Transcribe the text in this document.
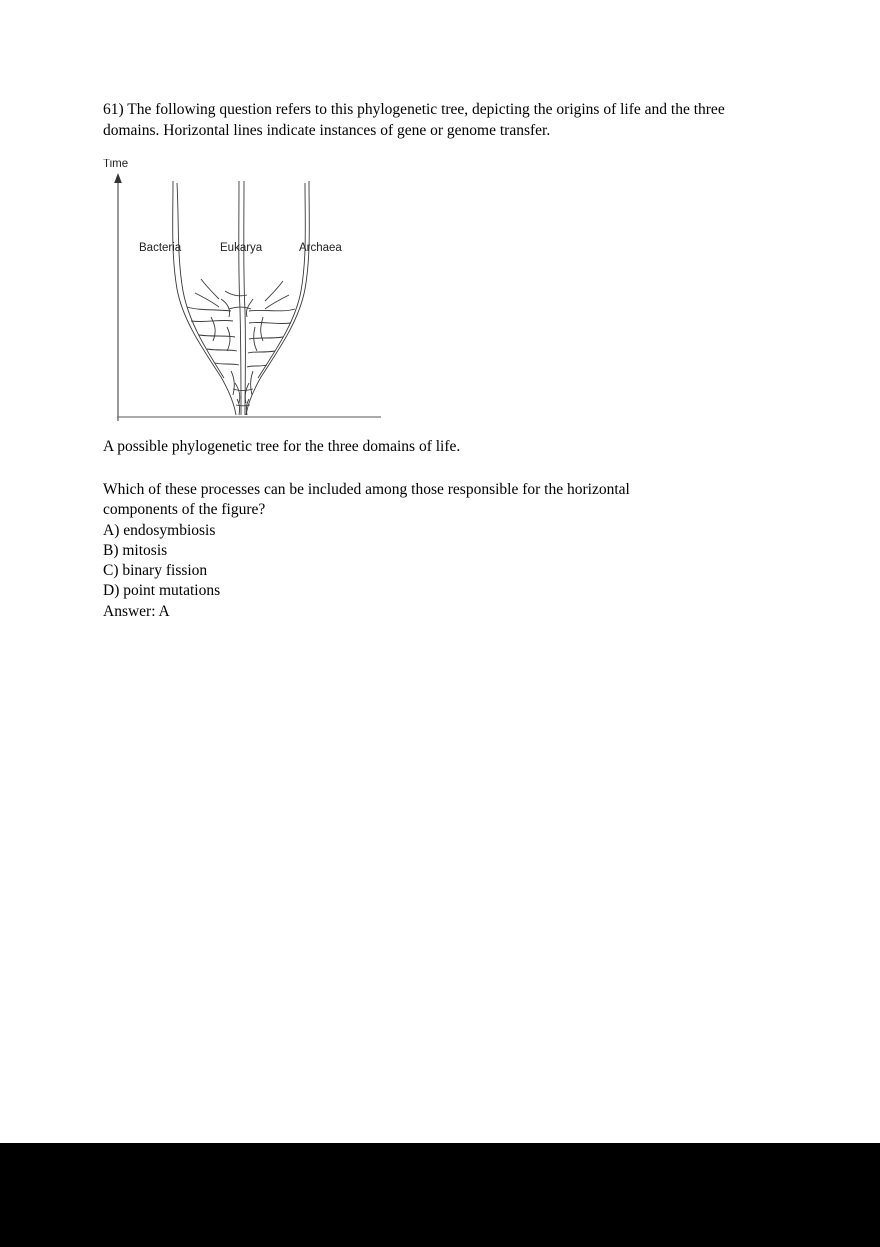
61) The following question refers to this phylogenetic tree, depicting the origins of life and the three domains. Horizontal lines indicate instances of gene or genome transfer.
Time
Bacteria	Eukarya	Archaea
A possible phylogenetic tree for the three domains of life.
Which of these processes can be included among those responsible for the horizontal components of the figure?
A) endosymbiosis
B) mitosis
C) binary fission
D) point mutations
Answer: A
